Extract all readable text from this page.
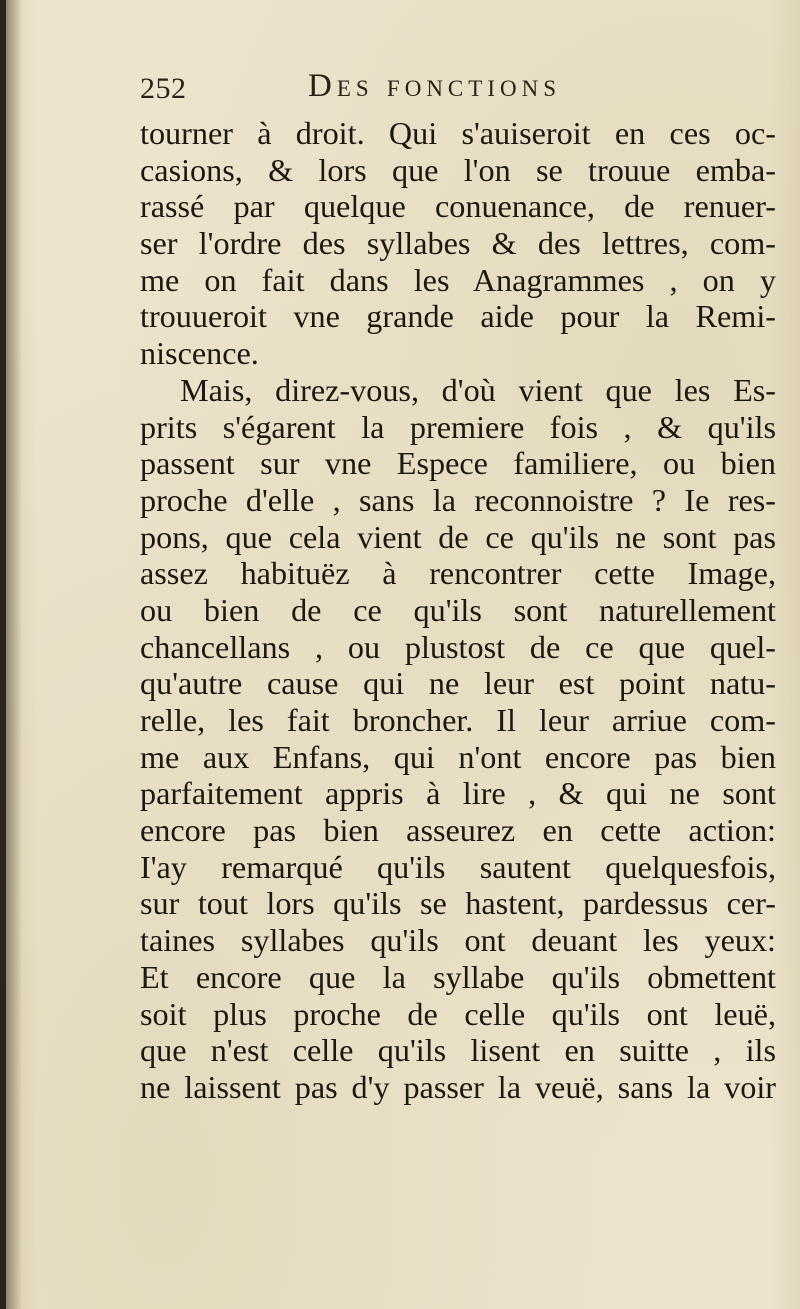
252	Des fonctions
tourner à droit. Qui s'auiseroit en ces oc-
casions, & lors que l'on se trouue emba-
rassé par quelque conuenance, de renuer-
ser l'ordre des syllabes & des lettres, com-
me on fait dans les Anagrammes , on y
trouueroit vne grande aide pour la Remi-
niscence.
Mais, direz-vous, d'où vient que les Es-
prits s'égarent la premiere fois , & qu'ils
passent sur vne Espece familiere, ou bien
proche d'elle , sans la reconnoistre ? Ie res-
pons, que cela vient de ce qu'ils ne sont pas
assez habituëz à rencontrer cette Image,
ou bien de ce qu'ils sont naturellement
chancellans , ou plustost de ce que quel-
qu'autre cause qui ne leur est point natu-
relle, les fait broncher. Il leur arriue com-
me aux Enfans, qui n'ont encore pas bien
parfaitement appris à lire , & qui ne sont
encore pas bien asseurez en cette action:
I'ay remarqué qu'ils sautent quelquesfois,
sur tout lors qu'ils se hastent, pardessus cer-
taines syllabes qu'ils ont deuant les yeux:
Et encore que la syllabe qu'ils obmettent
soit plus proche de celle qu'ils ont leuë,
que n'est celle qu'ils lisent en suitte , ils
ne laissent pas d'y passer la veuë, sans la voir
